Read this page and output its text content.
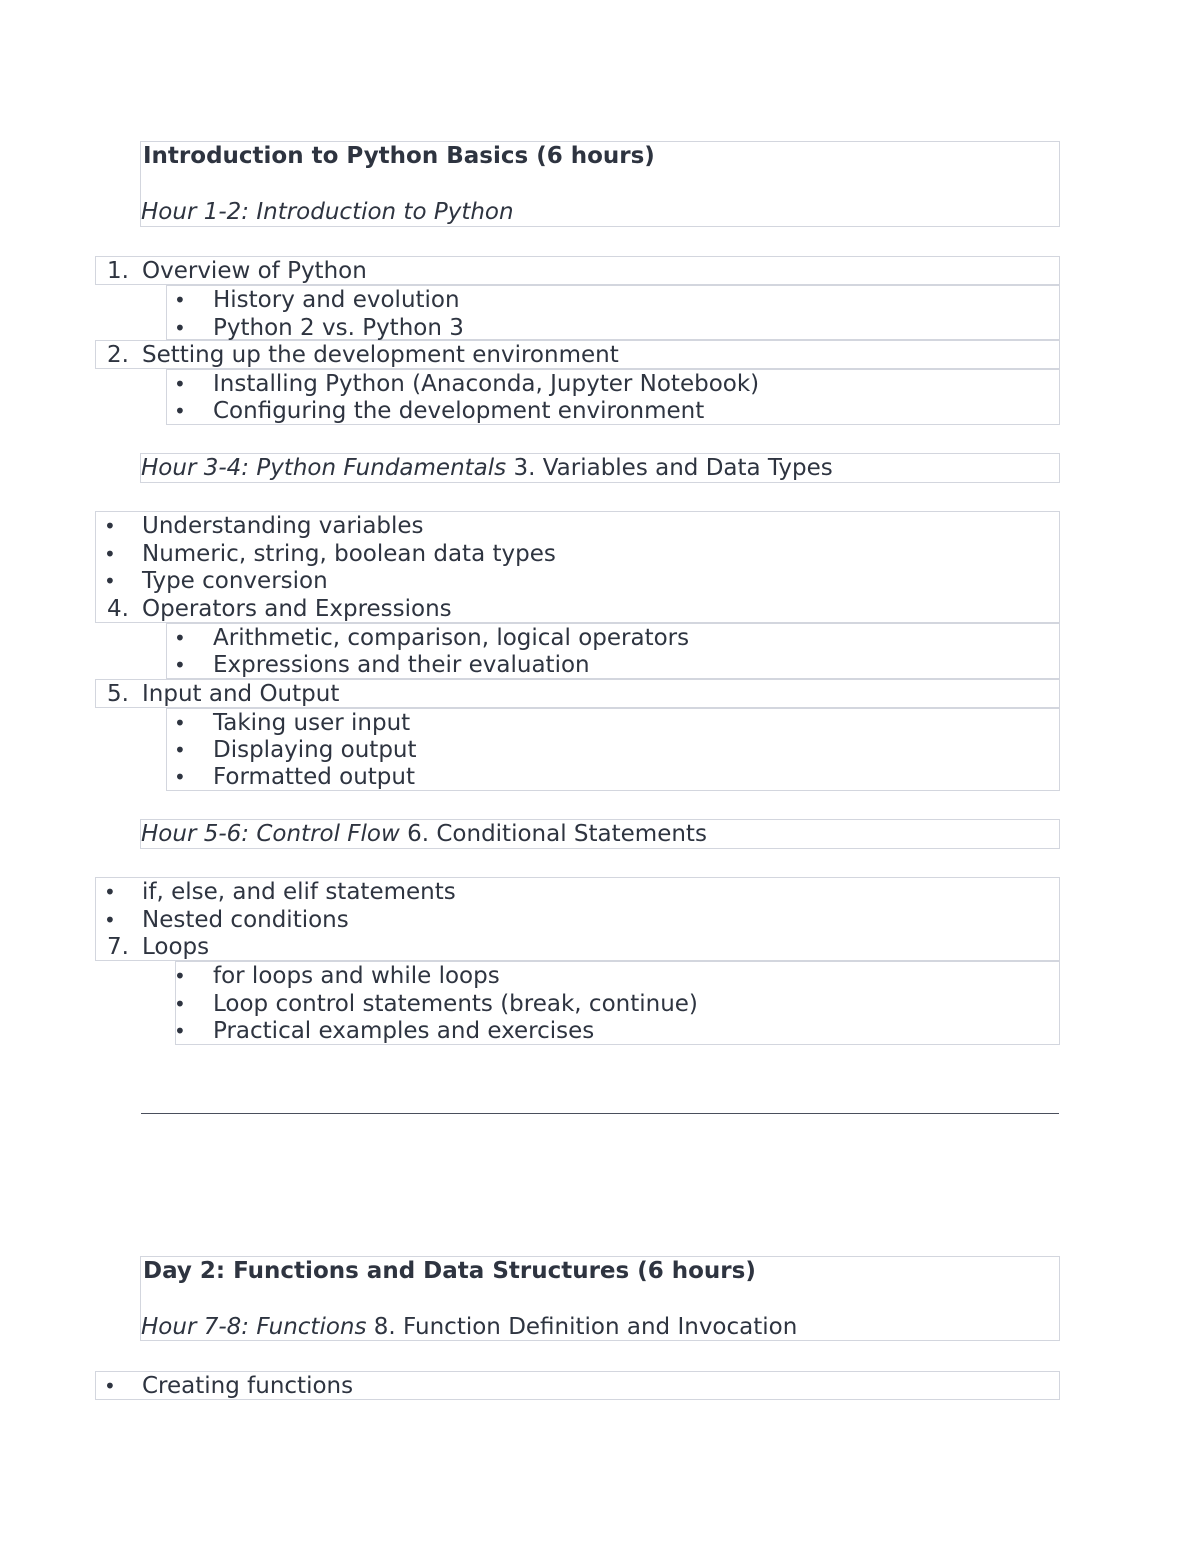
Introduction to Python Basics (6 hours)
Hour 1-2: Introduction to Python
1. Overview of Python
• History and evolution
• Python 2 vs. Python 3
2. Setting up the development environment
• Installing Python (Anaconda, Jupyter Notebook)
• Configuring the development environment
Hour 3-4: Python Fundamentals 3. Variables and Data Types
• Understanding variables
• Numeric, string, boolean data types
• Type conversion
4. Operators and Expressions
• Arithmetic, comparison, logical operators
• Expressions and their evaluation
5. Input and Output
• Taking user input
• Displaying output
• Formatted output
Hour 5-6: Control Flow 6. Conditional Statements
• if, else, and elif statements
• Nested conditions
7. Loops
• for loops and while loops
• Loop control statements (break, continue)
• Practical examples and exercises
Day 2: Functions and Data Structures (6 hours)
Hour 7-8: Functions 8. Function Definition and Invocation
• Creating functions
